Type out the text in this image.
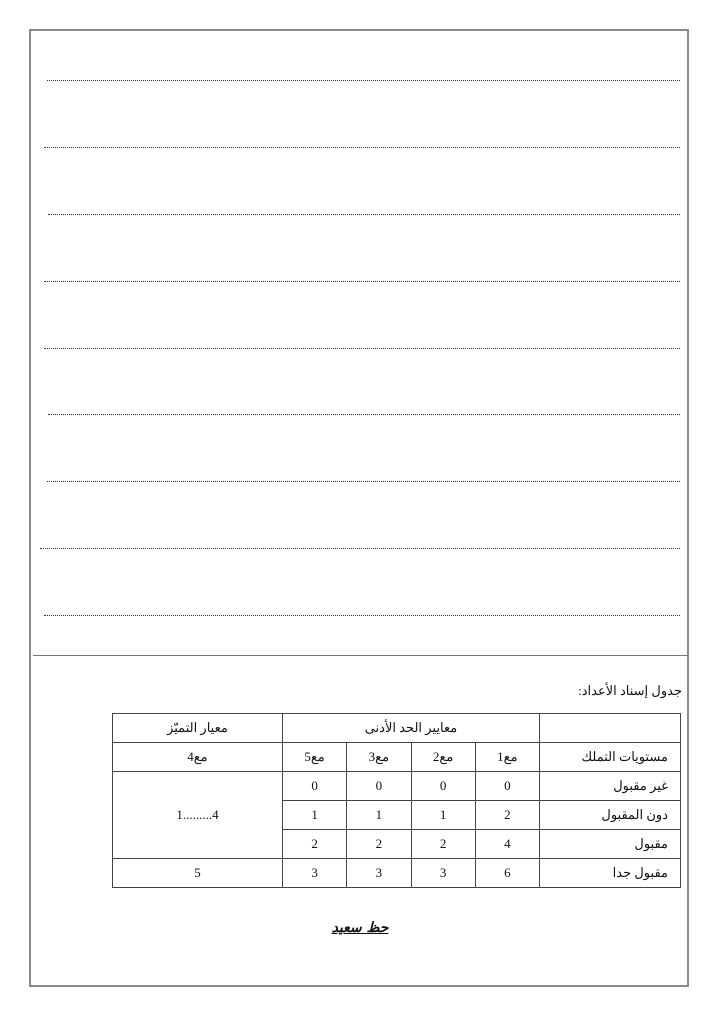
جدول إسناد الأعداد:
	معايير الحد الأدنى				معيار التميّز
مستويات التملك	مع1	مع2	مع3	مع5	مع4
غير مقبول	0	0	0	0	4.........1
دون المقبول	2	1	1	1	
مقبول	4	2	2	2	
مقبول جدا	6	3	3	3	5
حظ سعيد
